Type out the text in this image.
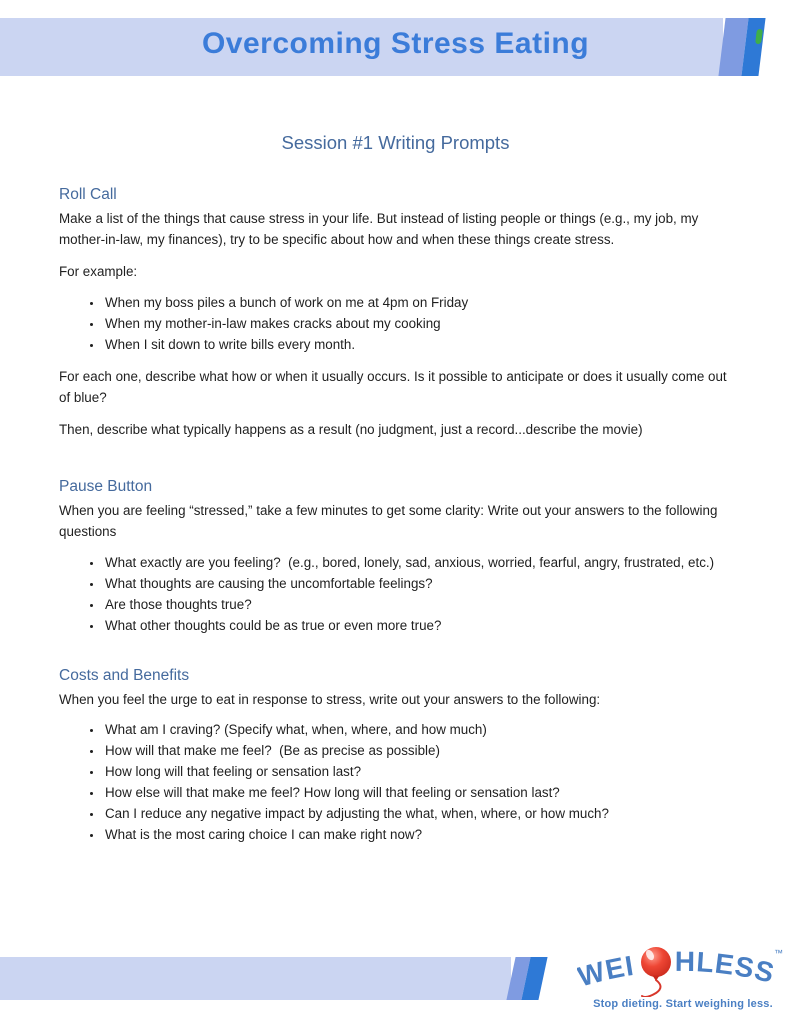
Overcoming Stress Eating
Session #1 Writing Prompts
Roll Call

Make a list of the things that cause stress in your life. But instead of listing people or things (e.g., my job, my mother-in-law, my finances), try to be specific about how and when these things create stress.

For example:

• When my boss piles a bunch of work on me at 4pm on Friday
• When my mother-in-law makes cracks about my cooking
• When I sit down to write bills every month.

For each one, describe what how or when it usually occurs. Is it possible to anticipate or does it usually come out of blue?

Then, describe what typically happens as a result (no judgment, just a record...describe the movie)

Pause Button

When you are feeling “stressed,” take a few minutes to get some clarity: Write out your answers to the following questions

• What exactly are you feeling?  (e.g., bored, lonely, sad, anxious, worried, fearful, angry, frustrated, etc.)
• What thoughts are causing the uncomfortable feelings?
• Are those thoughts true?
• What other thoughts could be as true or even more true?
Costs and Benefits

When you feel the urge to eat in response to stress, write out your answers to the following:

• What am I craving? (Specify what, when, where, and how much)
• How will that make me feel?  (Be as precise as possible)
• How long will that feeling or sensation last?
• How else will that make me feel? How long will that feeling or sensation last?
• Can I reduce any negative impact by adjusting the what, when, where, or how much?
• What is the most caring choice I can make right now?
WEI HLESS
™
Stop dieting. Start weighing less.
